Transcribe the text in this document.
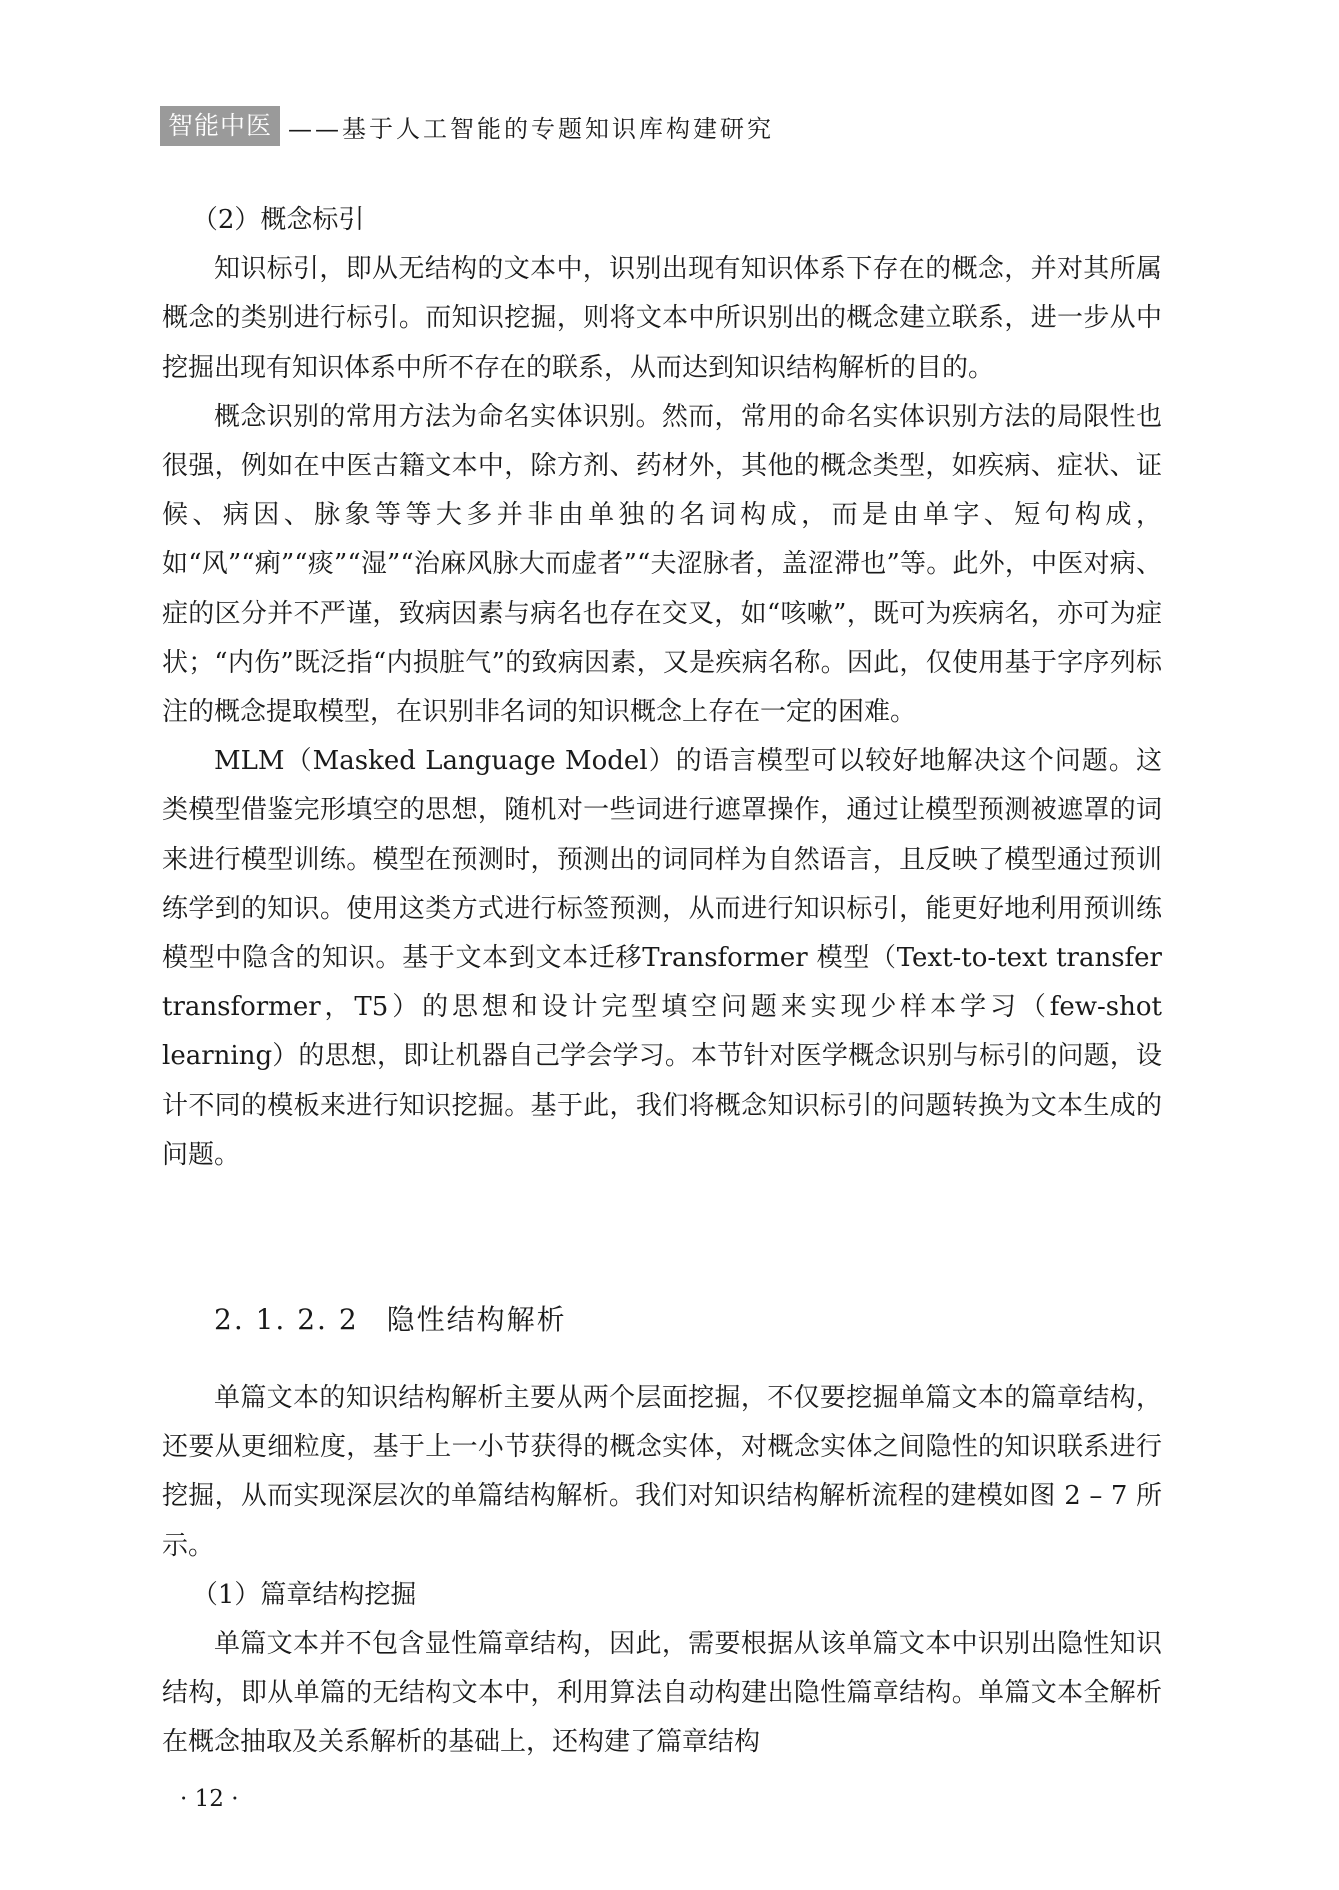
智能中医 ——基于人工智能的专题知识库构建研究

（2）概念标引

知识标引，即从无结构的文本中，识别出现有知识体系下存在的概念，并对其所属概念的类别进行标引。而知识挖掘，则将文本中所识别出的概念建立联系，进一步从中挖掘出现有知识体系中所不存在的联系，从而达到知识结构解析的目的。

概念识别的常用方法为命名实体识别。然而，常用的命名实体识别方法的局限性也很强，例如在中医古籍文本中，除方剂、药材外，其他的概念类型，如疾病、症状、证候、病因、脉象等等大多并非由单独的名词构成，而是由单字、短句构成，如“风”“痢”“痰”“湿”“治麻风脉大而虚者”“夫涩脉者，盖涩滞也”等。此外，中医对病、症的区分并不严谨，致病因素与病名也存在交叉，如“咳嗽”，既可为疾病名，亦可为症状；“内伤”既泛指“内损脏气”的致病因素，又是疾病名称。因此，仅使用基于字序列标注的概念提取模型，在识别非名词的知识概念上存在一定的困难。

MLM（Masked Language Model）的语言模型可以较好地解决这个问题。这类模型借鉴完形填空的思想，随机对一些词进行遮罩操作，通过让模型预测被遮罩的词来进行模型训练。模型在预测时，预测出的词同样为自然语言，且反映了模型通过预训练学到的知识。使用这类方式进行标签预测，从而进行知识标引，能更好地利用预训练模型中隐含的知识。基于文本到文本迁移Transformer 模型（Text-to-text transfer transformer，T5）的思想和设计完型填空问题来实现少样本学习（few-shot learning）的思想，即让机器自己学会学习。本节针对医学概念识别与标引的问题，设计不同的模板来进行知识挖掘。基于此，我们将概念知识标引的问题转换为文本生成的问题。

2. 1. 2. 2 隐性结构解析

单篇文本的知识结构解析主要从两个层面挖掘，不仅要挖掘单篇文本的篇章结构，还要从更细粒度，基于上一小节获得的概念实体，对概念实体之间隐性的知识联系进行挖掘，从而实现深层次的单篇结构解析。我们对知识结构解析流程的建模如图 2 – 7 所示。

（1）篇章结构挖掘

单篇文本并不包含显性篇章结构，因此，需要根据从该单篇文本中识别出隐性知识结构，即从单篇的无结构文本中，利用算法自动构建出隐性篇章结构。单篇文本全解析在概念抽取及关系解析的基础上，还构建了篇章结构

· 12 ·
